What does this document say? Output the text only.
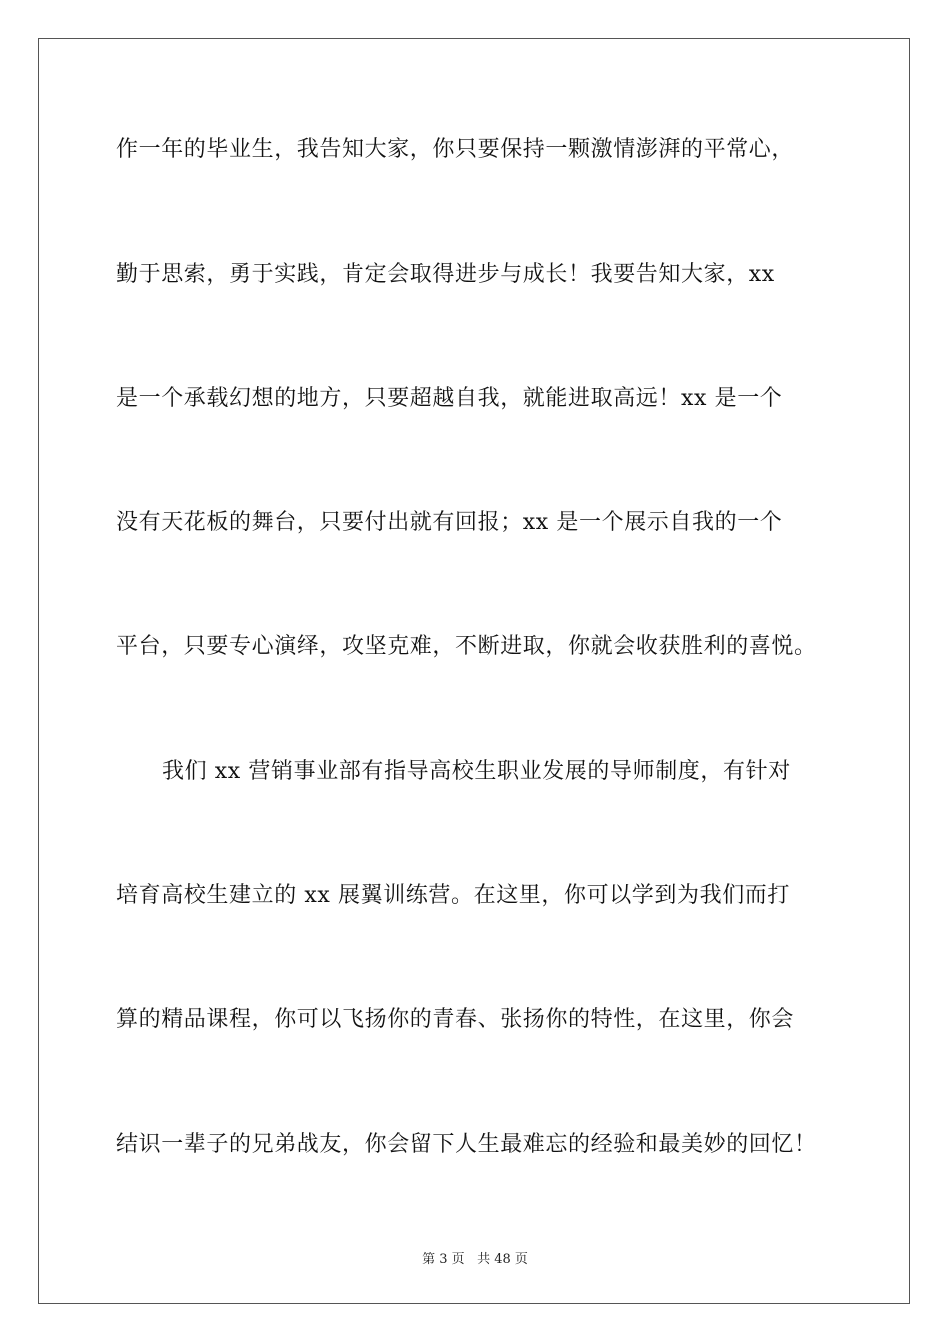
作一年的毕业生，我告知大家，你只要保持一颗激情澎湃的平常心，
勤于思索，勇于实践，肯定会取得进步与成长！我要告知大家，xx
是一个承载幻想的地方，只要超越自我，就能进取高远！xx 是一个
没有天花板的舞台，只要付出就有回报；xx 是一个展示自我的一个
平台，只要专心演绎，攻坚克难，不断进取，你就会收获胜利的喜悦。
我们 xx 营销事业部有指导高校生职业发展的导师制度，有针对
培育高校生建立的 xx 展翼训练营。在这里，你可以学到为我们而打
算的精品课程，你可以飞扬你的青春、张扬你的特性，在这里，你会
结识一辈子的兄弟战友，你会留下人生最难忘的经验和最美妙的回忆！
第 3 页 共 48 页
